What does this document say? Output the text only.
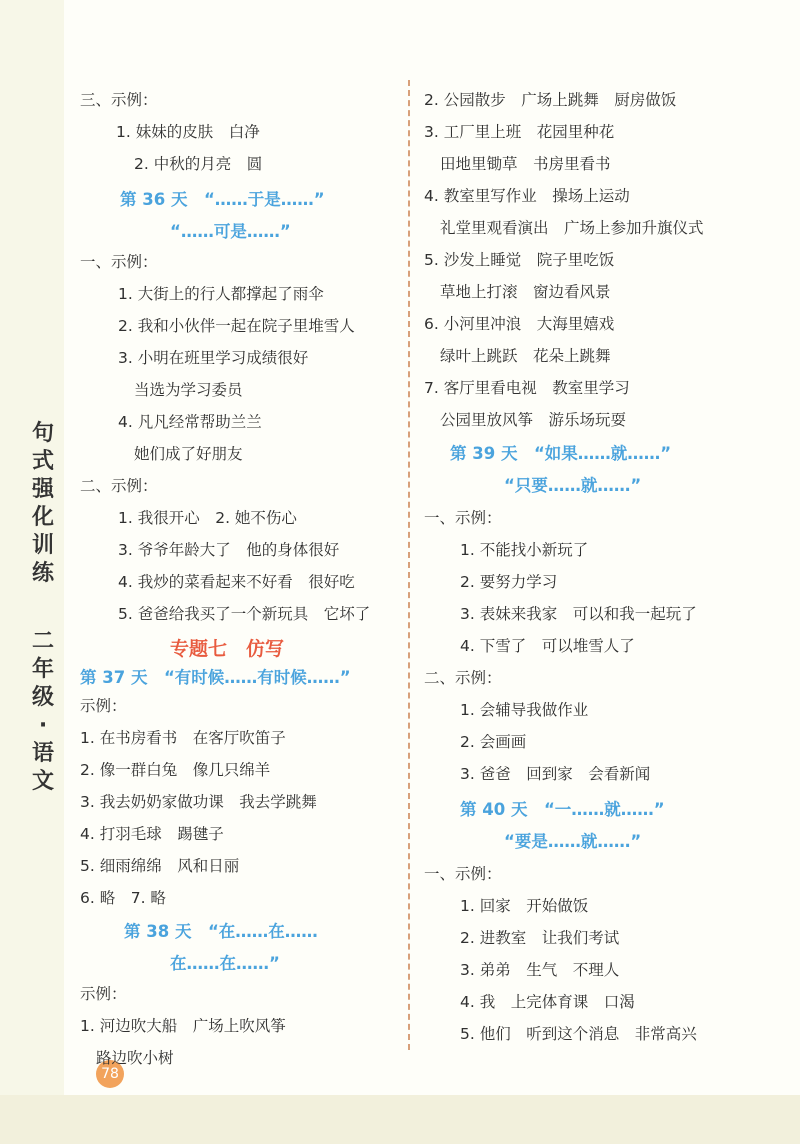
句
式
强
化
训
练
二
年
级
·
语
文
78
三、示例：
1. 妹妹的皮肤　白净
2. 中秋的月亮　圆
第 36 天　“……于是……”
“……可是……”
一、示例：
1. 大街上的行人都撑起了雨伞
2. 我和小伙伴一起在院子里堆雪人
3. 小明在班里学习成绩很好
当选为学习委员
4. 凡凡经常帮助兰兰
她们成了好朋友
二、示例：
1. 我很开心　2. 她不伤心
3. 爷爷年龄大了　他的身体很好
4. 我炒的菜看起来不好看　很好吃
5. 爸爸给我买了一个新玩具　它坏了
专题七　仿写
第 37 天　“有时候……有时候……”
示例：
1. 在书房看书　在客厅吹笛子
2. 像一群白兔　像几只绵羊
3. 我去奶奶家做功课　我去学跳舞
4. 打羽毛球　踢毽子
5. 细雨绵绵　风和日丽
6. 略　7. 略
第 38 天　“在……在……
在……在……”
示例：
1. 河边吹大船　广场上吹风筝
路边吹小树
2. 公园散步　广场上跳舞　厨房做饭
3. 工厂里上班　花园里种花
田地里锄草　书房里看书
4. 教室里写作业　操场上运动
礼堂里观看演出　广场上参加升旗仪式
5. 沙发上睡觉　院子里吃饭
草地上打滚　窗边看风景
6. 小河里冲浪　大海里嬉戏
绿叶上跳跃　花朵上跳舞
7. 客厅里看电视　教室里学习
公园里放风筝　游乐场玩耍
第 39 天　“如果……就……”
“只要……就……”
一、示例：
1. 不能找小新玩了
2. 要努力学习
3. 表妹来我家　可以和我一起玩了
4. 下雪了　可以堆雪人了
二、示例：
1. 会辅导我做作业
2. 会画画
3. 爸爸　回到家　会看新闻
第 40 天　“一……就……”
“要是……就……”
一、示例：
1. 回家　开始做饭
2. 进教室　让我们考试
3. 弟弟　生气　不理人
4. 我　上完体育课　口渴
5. 他们　听到这个消息　非常高兴
